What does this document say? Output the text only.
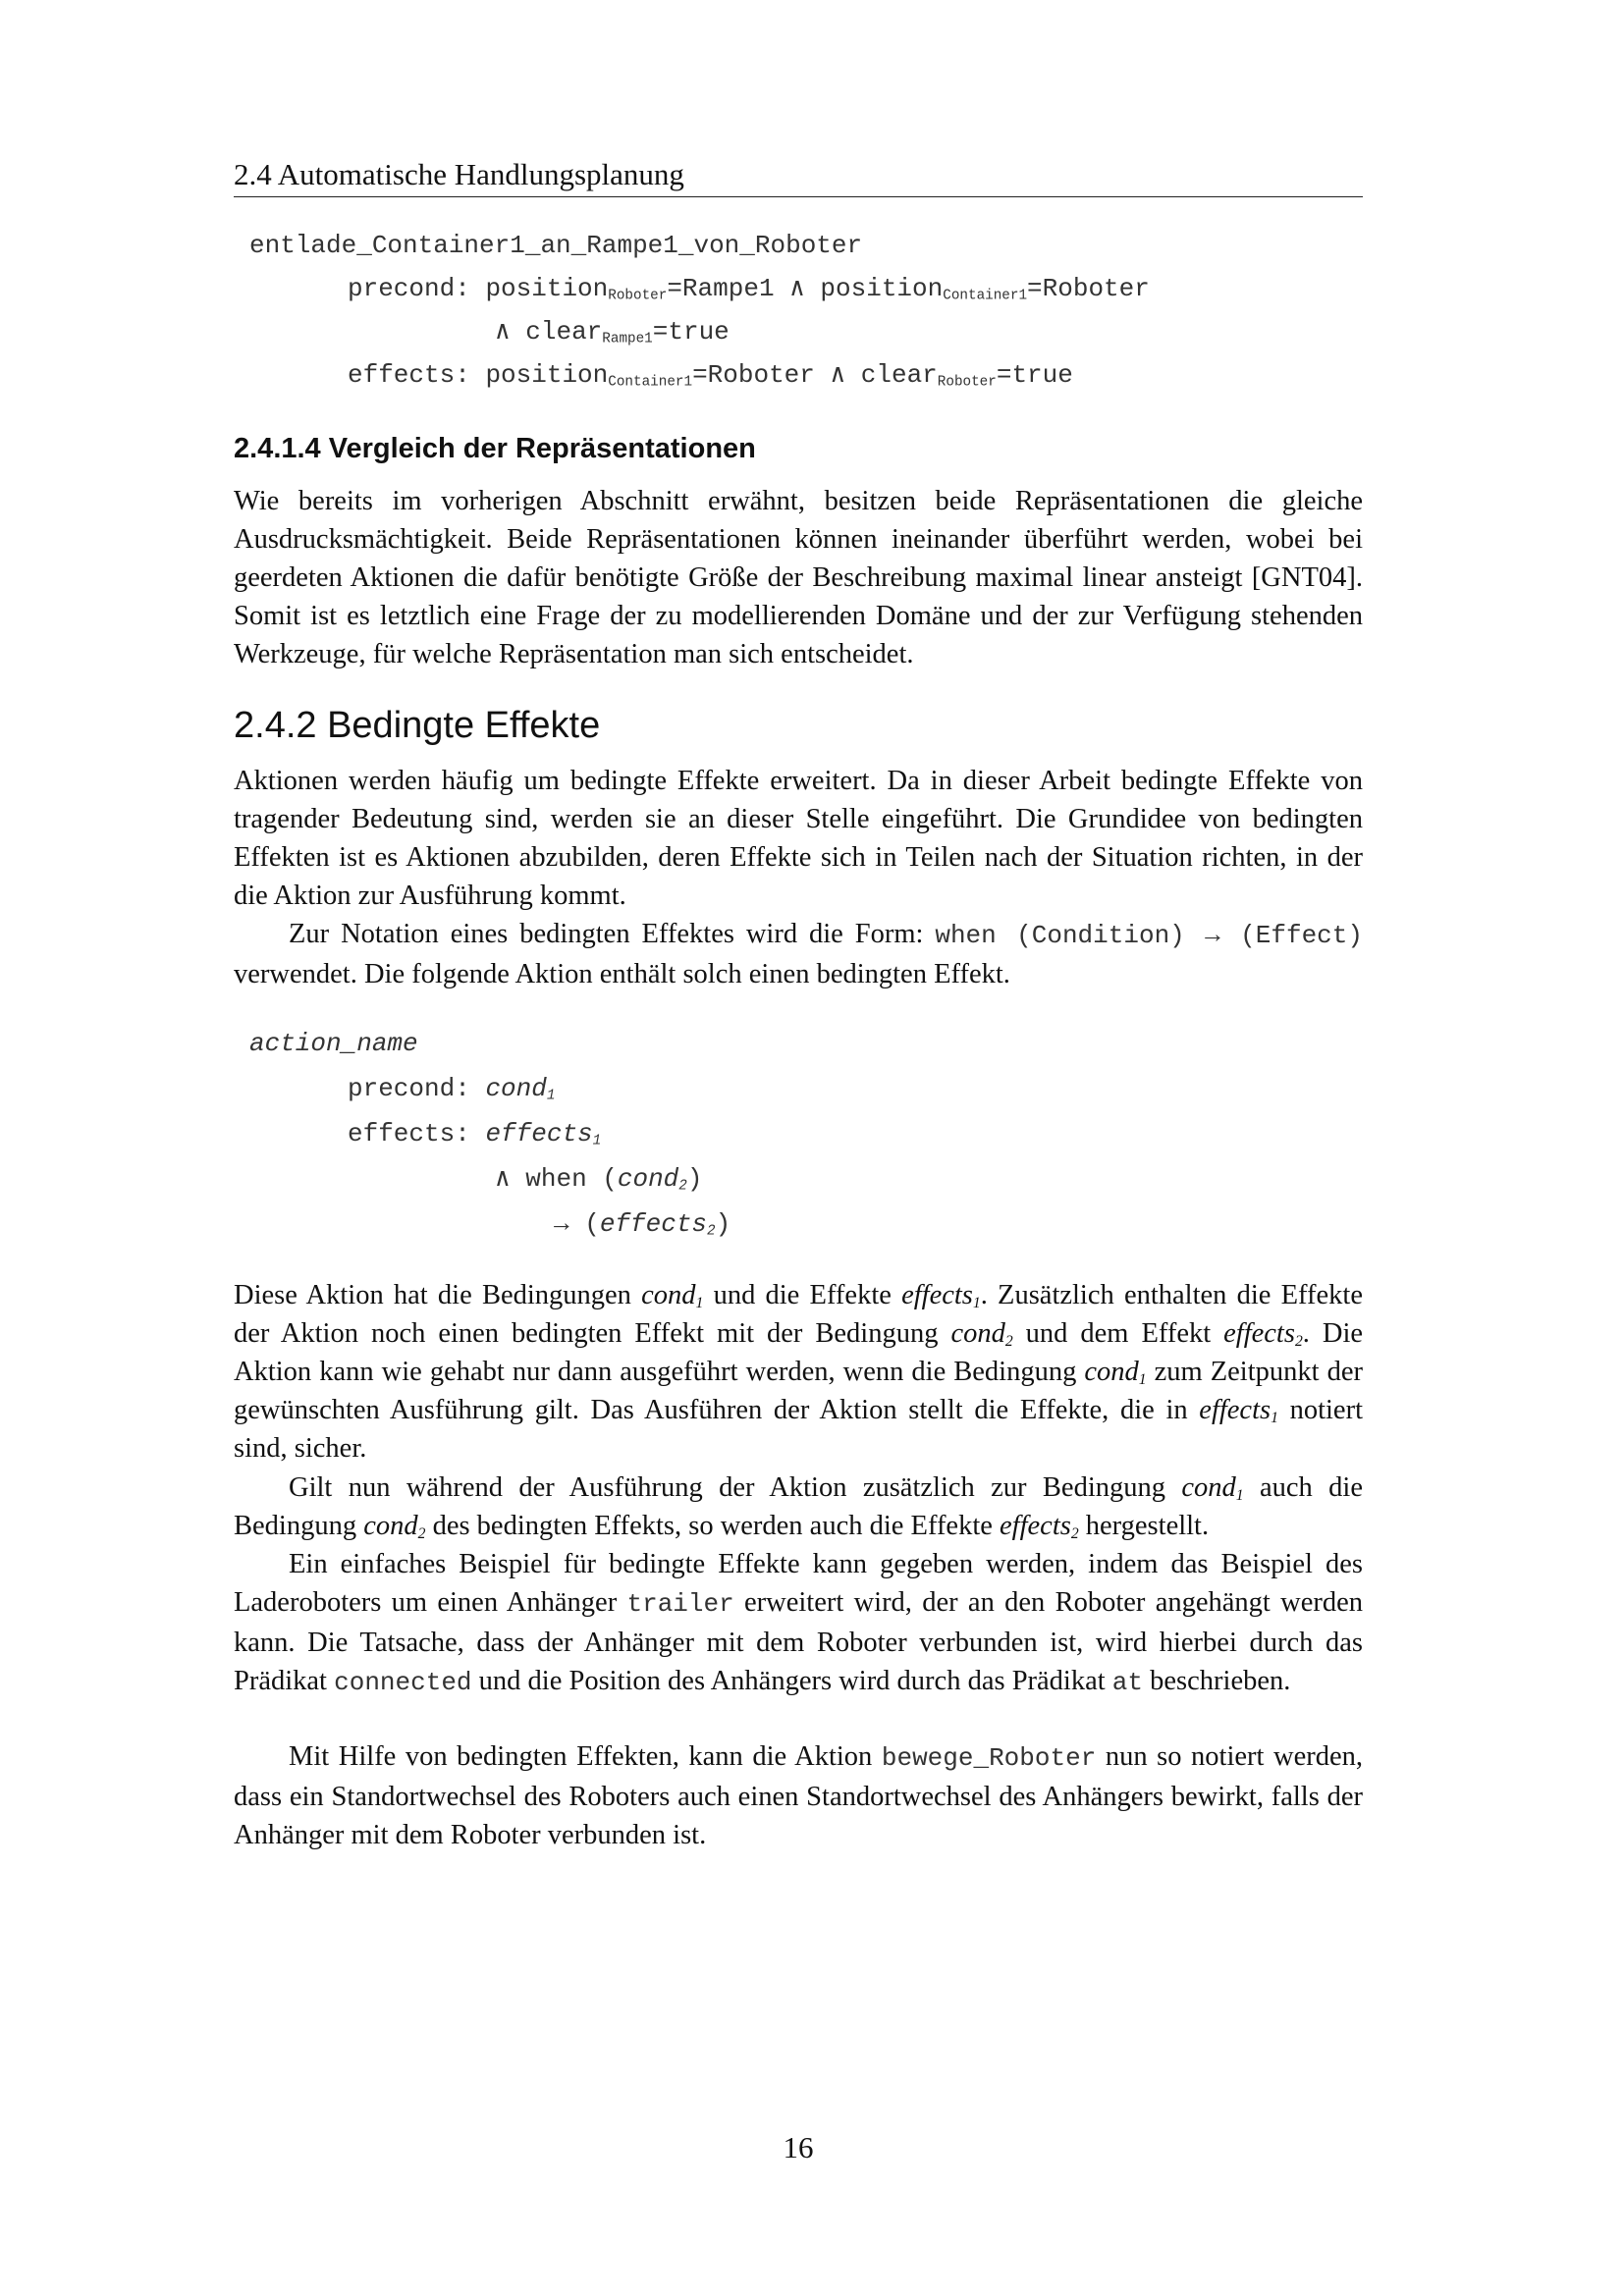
2.4 Automatische Handlungsplanung

entlade_Container1_an_Rampe1_von_Roboter

precond: position$_{Roboter}$=Rampe1 ∧ position$_{Container1}$=Roboter

∧ clear$_{Rampe1}$=true

effects: position$_{Container1}$=Roboter ∧ clear$_{Roboter}$=true

2.4.1.4 Vergleich der Repräsentationen
Wie bereits im vorherigen Abschnitt erwähnt, besitzen beide Repräsentationen die gleiche Ausdrucksmächtigkeit. Beide Repräsentationen können ineinander überführt werden, wobei bei geerdeten Aktionen die dafür benötigte Größe der Beschreibung maximal linear ansteigt [GNT04]. Somit ist es letztlich eine Frage der zu modellierenden Domäne und der zur Verfügung stehenden Werkzeuge, für welche Repräsentation man sich entscheidet.
2.4.2 Bedingte Effekte
Aktionen werden häufig um bedingte Effekte erweitert. Da in dieser Arbeit bedingte Effekte von tragender Bedeutung sind, werden sie an dieser Stelle eingeführt. Die Grundidee von bedingten Effekten ist es Aktionen abzubilden, deren Effekte sich in Teilen nach der Situation richten, in der die Aktion zur Ausführung kommt.
Zur Notation eines bedingten Effektes wird die Form: when (Condition) → (Effect) verwendet. Die folgende Aktion enthält solch einen bedingten Effekt.

action_name

precond: cond$_1$

effects: effects$_1$

∧ when (cond$_2$)

→ (effects$_2$)

Diese Aktion hat die Bedingungen cond$_1$ und die Effekte effects$_1$. Zusätzlich enthalten die Effekte der Aktion noch einen bedingten Effekt mit der Bedingung cond$_2$ und dem Effekt effects$_2$. Die Aktion kann wie gehabt nur dann ausgeführt werden, wenn die Bedingung cond$_1$ zum Zeitpunkt der gewünschten Ausführung gilt. Das Ausführen der Aktion stellt die Effekte, die in effects$_1$ notiert sind, sicher.
Gilt nun während der Ausführung der Aktion zusätzlich zur Bedingung cond$_1$ auch die Bedingung cond$_2$ des bedingten Effekts, so werden auch die Effekte effects$_2$ hergestellt.
Ein einfaches Beispiel für bedingte Effekte kann gegeben werden, indem das Beispiel des Laderoboters um einen Anhänger trailer erweitert wird, der an den Roboter angehängt werden kann. Die Tatsache, dass der Anhänger mit dem Roboter verbunden ist, wird hierbei durch das Prädikat connected und die Position des Anhängers wird durch das Prädikat at beschrieben.
Mit Hilfe von bedingten Effekten, kann die Aktion bewege_Roboter nun so notiert werden, dass ein Standortwechsel des Roboters auch einen Standortwechsel des Anhängers bewirkt, falls der Anhänger mit dem Roboter verbunden ist.
16
